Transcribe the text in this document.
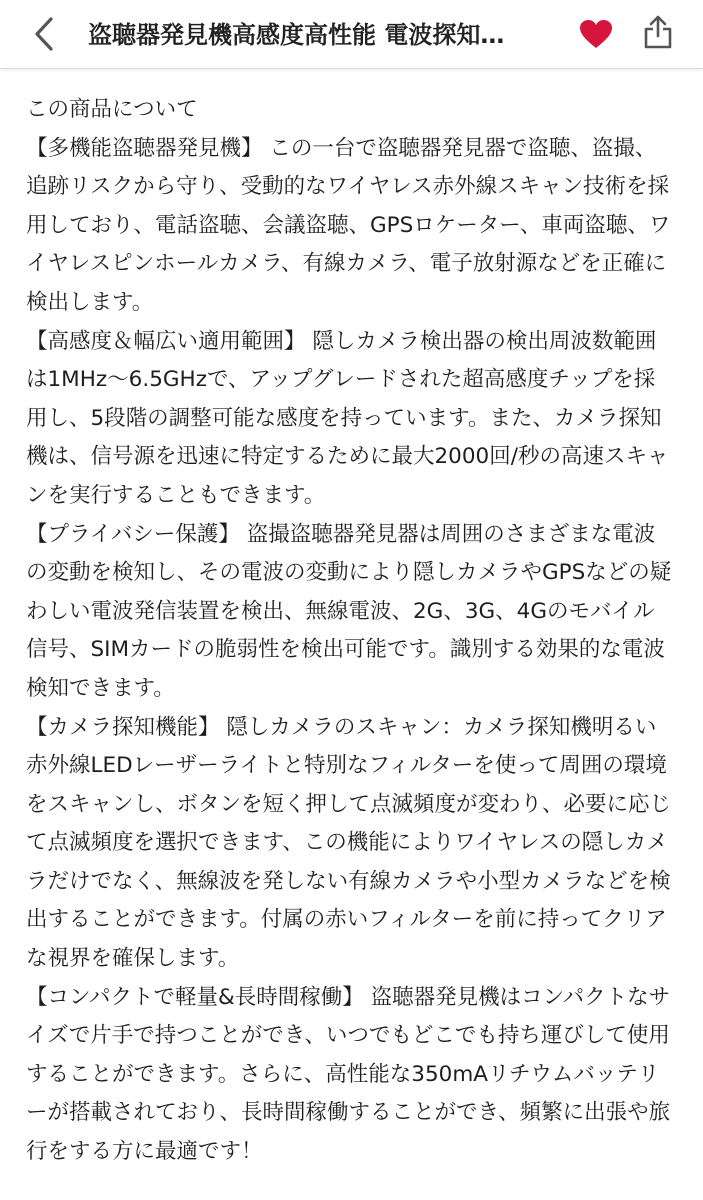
盗聴器発見機高感度高性能 電波探知…

この商品について

【多機能盗聴器発見機】 この一台で盗聴器発見器で盗聴、盗撮、追跡リスクから守り、受動的なワイヤレス赤外線スキャン技術を採用しており、電話盗聴、会議盗聴、GPSロケーター、車両盗聴、ワイヤレスピンホールカメラ、有線カメラ、電子放射源などを正確に検出します。

【高感度＆幅広い適用範囲】 隠しカメラ検出器の検出周波数範囲は1MHz〜6.5GHzで、アップグレードされた超高感度チップを採用し、5段階の調整可能な感度を持っています。また、カメラ探知機は、信号源を迅速に特定するために最大2000回/秒の高速スキャンを実行することもできます。

【プライバシー保護】 盗撮盗聴器発見器は周囲のさまざまな電波の変動を検知し、その電波の変動により隠しカメラやGPSなどの疑わしい電波発信装置を検出、無線電波、2G、3G、4Gのモバイル信号、SIMカードの脆弱性を検出可能です。識別する効果的な電波検知できます。

【カメラ探知機能】 隠しカメラのスキャン：カメラ探知機明るい赤外線LEDレーザーライトと特別なフィルターを使って周囲の環境をスキャンし、ボタンを短く押して点滅頻度が変わり、必要に応じて点滅頻度を選択できます、この機能によりワイヤレスの隠しカメラだけでなく、無線波を発しない有線カメラや小型カメラなどを検出することができます。付属の赤いフィルターを前に持ってクリアな視界を確保します。

【コンパクトで軽量&長時間稼働】 盗聴器発見機はコンパクトなサイズで片手で持つことができ、いつでもどこでも持ち運びして使用することができます。さらに、高性能な350mAリチウムバッテリーが搭載されており、長時間稼働することができ、頻繁に出張や旅行をする方に最適です！
